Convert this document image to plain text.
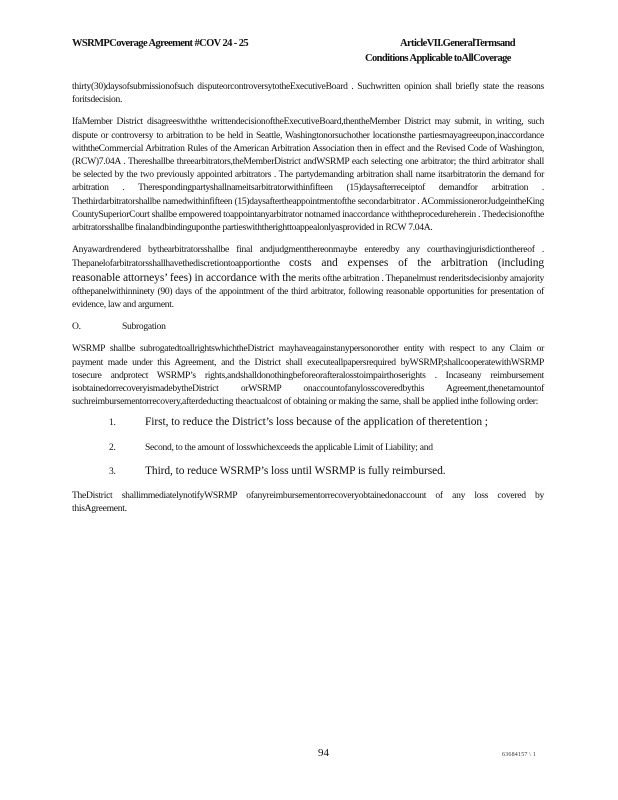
WSRMPCoverage Agreement #COV 24 - 25	ArticleVII.GeneralTermsand
Conditions Applicable toAllCoverage

thirty(30)daysofsubmissionofsuch disputeorcontroversytotheExecutiveBoard . Suchwritten opinion shall briefly state the reasons foritsdecision.

IfaMember District disagreeswiththe writtendecisionoftheExecutiveBoard,thentheMember District may submit, in writing, such dispute or controversy to arbitration to be held in Seattle, Washingtonorsuchother locationsthe partiesmayagreeupon,inaccordance withtheCommercial Arbitration Rules of the American Arbitration Association then in effect and the Revised Code of Washington, (RCW)7.04A . Thereshallbe threearbitrators,theMemberDistrict andWSRMP each selecting one arbitrator; the third arbitrator shall be selected by the two previously appointed arbitrators . The partydemanding arbitration shall name itsarbitratorin the demand for arbitration . Therespondingpartyshallnameitsarbitratorwithinfifteen (15)daysafterreceiptof demandfor arbitration . Thethirdarbitratorshallbe namedwithinfifteen (15)daysaftertheappointmentofthe secondarbitrator . ACommissionerorJudgeintheKing CountySuperiorCourt shallbe empowered toappointanyarbitrator notnamed inaccordance withtheprocedureherein . Thedecisionofthe arbitratorsshallbe finalandbindinguponthe partieswiththerighttoappealonlyasprovided in RCW 7.04A.

Anyawardrendered bythearbitratorsshallbe final andjudgmentthereonmaybe enteredby any courthavingjurisdictionthereof . Thepanelofarbitratorsshallhavethediscretiontoapportionthe costs and expenses of the arbitration (including reasonable attorneys’ fees) in accordance with the merits ofthe arbitration . Thepanelmust renderitsdecisionby amajority ofthepanelwithinninety (90) days of the appointment of the third arbitrator, following reasonable opportunities for presentation of evidence, law and argument.

O.	Subrogation

WSRMP shallbe subrogatedtoallrightswhichtheDistrict mayhaveagainstanypersonorother entity with respect to any Claim or payment made under this Agreement, and the District shall executeallpapersrequired byWSRMP,shallcooperatewithWSRMP tosecure andprotect WSRMP’s rights,andshalldonothingbeforeorafteralosstoimpairthoserights . Incaseany reimbursement isobtainedorrecoveryismadebytheDistrict orWSRMP onaccountofanylosscoveredbythis Agreement,thenetamountof suchreimbursementorrecovery,afterdeducting theactualcost of obtaining or making the same, shall be applied inthe following order:

1.	First, to reduce the District’s loss because of the application of theretention ;
2.	Second, to the amount of losswhichexceeds the applicable Limit of Liability; and
3.	Third, to reduce WSRMP’s loss until WSRMP is fully reimbursed.

TheDistrict shallimmediatelynotifyWSRMP ofanyreimbursementorrecoveryobtainedonaccount of any loss covered by thisAgreement.

94	63684157 \ 1
